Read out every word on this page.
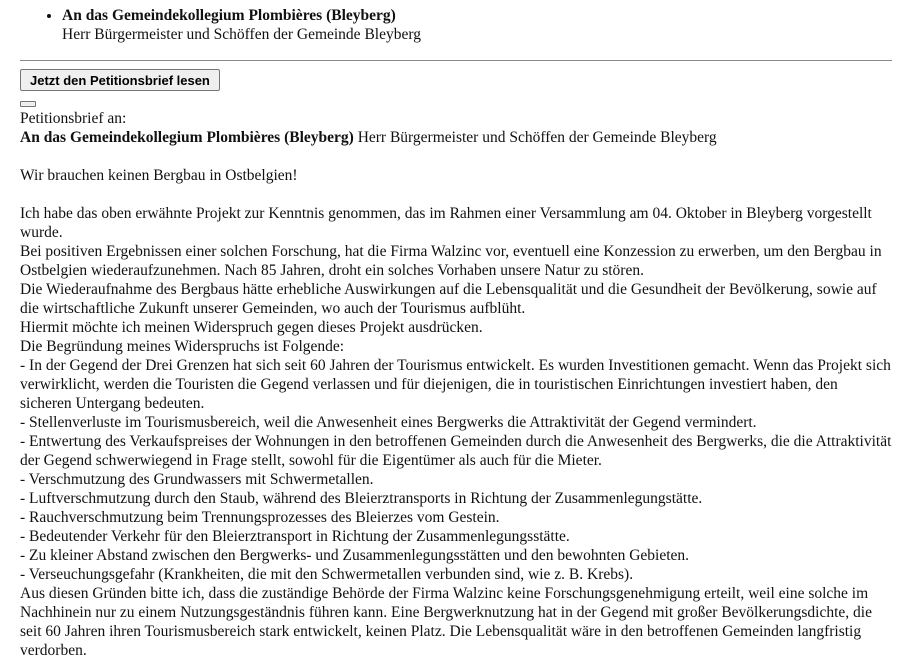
• An das Gemeindekollegium Plombières (Bleyberg)
Herr Bürgermeister und Schöffen der Gemeinde Bleyberg
Jetzt den Petitionsbrief lesen

Petitionsbrief an:

An das Gemeindekollegium Plombières (Bleyberg) Herr Bürgermeister und Schöffen der Gemeinde Bleyberg

Wir brauchen keinen Bergbau in Ostbelgien!

Ich habe das oben erwähnte Projekt zur Kenntnis genommen, das im Rahmen einer Versammlung am 04. Oktober in Bleyberg vorgestellt wurde.

Bei positiven Ergebnissen einer solchen Forschung, hat die Firma Walzinc vor, eventuell eine Konzession zu erwerben, um den Bergbau in Ostbelgien wiederaufzunehmen. Nach 85 Jahren, droht ein solches Vorhaben unsere Natur zu stören.

Die Wiederaufnahme des Bergbaus hätte erhebliche Auswirkungen auf die Lebensqualität und die Gesundheit der Bevölkerung, sowie auf die wirtschaftliche Zukunft unserer Gemeinden, wo auch der Tourismus aufblüht.

Hiermit möchte ich meinen Widerspruch gegen dieses Projekt ausdrücken.

Die Begründung meines Widerspruchs ist Folgende:

- In der Gegend der Drei Grenzen hat sich seit 60 Jahren der Tourismus entwickelt. Es wurden Investitionen gemacht. Wenn das Projekt sich verwirklicht, werden die Touristen die Gegend verlassen und für diejenigen, die in touristischen Einrichtungen investiert haben, den sicheren Untergang bedeuten.

- Stellenverluste im Tourismusbereich, weil die Anwesenheit eines Bergwerks die Attraktivität der Gegend vermindert.

- Entwertung des Verkaufspreises der Wohnungen in den betroffenen Gemeinden durch die Anwesenheit des Bergwerks, die die Attraktivität der Gegend schwerwiegend in Frage stellt, sowohl für die Eigentümer als auch für die Mieter.

- Verschmutzung des Grundwassers mit Schwermetallen.

- Luftverschmutzung durch den Staub, während des Bleierztransports in Richtung der Zusammenlegungstätte.

- Rauchverschmutzung beim Trennungsprozesses des Bleierzes vom Gestein.

- Bedeutender Verkehr für den Bleierztransport in Richtung der Zusammenlegungsstätte.

- Zu kleiner Abstand zwischen den Bergwerks- und Zusammenlegungsstätten und den bewohnten Gebieten.

- Verseuchungsgefahr (Krankheiten, die mit den Schwermetallen verbunden sind, wie z. B. Krebs).

Aus diesen Gründen bitte ich, dass die zuständige Behörde der Firma Walzinc keine Forschungsgenehmigung erteilt, weil eine solche im Nachhinein nur zu einem Nutzungsgeständnis führen kann. Eine Bergwerknutzung hat in der Gegend mit großer Bevölkerungsdichte, die seit 60 Jahren ihren Tourismusbereich stark entwickelt, keinen Platz. Die Lebensqualität wäre in den betroffenen Gemeinden langfristig verdorben.
